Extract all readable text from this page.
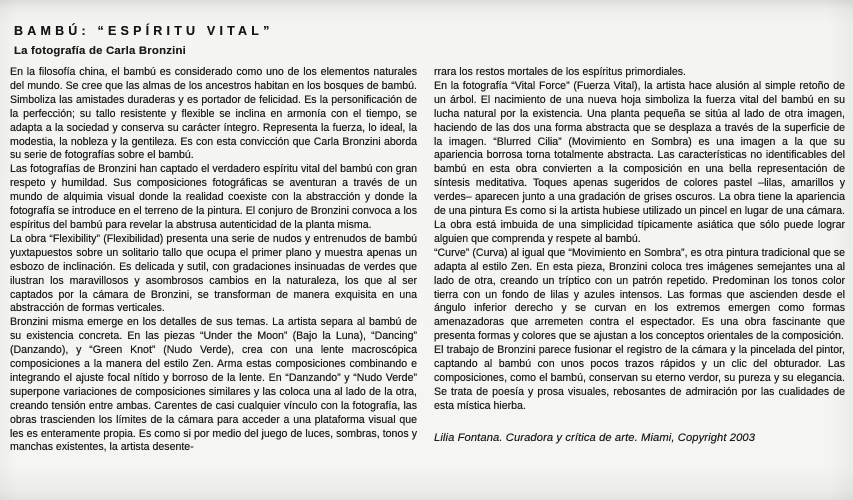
BAMBÚ: “ESPÍRITU VITAL”
La fotografía de Carla Bronzini

En la filosofía china, el bambú es considerado como uno de los elementos naturales del mundo. Se cree que las almas de los ancestros habitan en los bosques de bambú. Simboliza las amistades duraderas y es portador de felicidad. Es la personificación de la perfección; su tallo resistente y flexible se inclina en armonía con el tiempo, se adapta a la sociedad y conserva su carácter íntegro. Representa la fuerza, lo ideal, la modestia, la nobleza y la gentileza. Es con esta convicción que Carla Bronzini aborda su serie de fotografías sobre el bambú.

Las fotografías de Bronzini han captado el verdadero espíritu vital del bambú con gran respeto y humildad. Sus composiciones fotográficas se aventuran a través de un mundo de alquimia visual donde la realidad coexiste con la abstracción y donde la fotografía se introduce en el terreno de la pintura. El conjuro de Bronzini convoca a los espíritus del bambú para revelar la abstrusa autenticidad de la planta misma.

La obra “Flexibility” (Flexibilidad) presenta una serie de nudos y entrenudos de bambú yuxtapuestos sobre un solitario tallo que ocupa el primer plano y muestra apenas un esbozo de inclinación. Es delicada y sutil, con gradaciones insinuadas de verdes que ilustran los maravillosos y asombrosos cambios en la naturaleza, los que al ser captados por la cámara de Bronzini, se transforman de manera exquisita en una abstracción de formas verticales.

Bronzini misma emerge en los detalles de sus temas. La artista separa al bambú de su existencia concreta. En las piezas “Under the Moon” (Bajo la Luna), “Dancing” (Danzando), y “Green Knot” (Nudo Verde), crea con una lente macroscópica composiciones a la manera del estilo Zen. Arma estas composiciones combinando e integrando el ajuste focal nítido y borroso de la lente. En “Danzando” y “Nudo Verde” superpone variaciones de composiciones similares y las coloca una al lado de la otra, creando tensión entre ambas. Carentes de casi cualquier vínculo con la fotografía, las obras trascienden los límites de la cámara para acceder a una plataforma visual que les es enteramente propia. Es como si por medio del juego de luces, sombras, tonos y manchas existentes, la artista desente-

rrara los restos mortales de los espíritus primordiales.

En la fotografía “Vital Force” (Fuerza Vital), la artista hace alusión al simple retoño de un árbol. El nacimiento de una nueva hoja simboliza la fuerza vital del bambú en su lucha natural por la existencia. Una planta pequeña se sitúa al lado de otra imagen, haciendo de las dos una forma abstracta que se desplaza a través de la superficie de la imagen. “Blurred Cilia” (Movimiento en Sombra) es una imagen a la que su apariencia borrosa torna totalmente abstracta. Las características no identificables del bambú en esta obra convierten a la composición en una bella representación de síntesis meditativa. Toques apenas sugeridos de colores pastel –lilas, amarillos y verdes– aparecen junto a una gradación de grises oscuros. La obra tiene la apariencia de una pintura Es como si la artista hubiese utilizado un pincel en lugar de una cámara. La obra está imbuida de una simplicidad típicamente asiática que sólo puede lograr alguien que comprenda y respete al bambú.

“Curve” (Curva) al igual que “Movimiento en Sombra”, es otra pintura tradicional que se adapta al estilo Zen. En esta pieza, Bronzini coloca tres imágenes semejantes una al lado de otra, creando un tríptico con un patrón repetido. Predominan los tonos color tierra con un fondo de lilas y azules intensos. Las formas que ascienden desde el ángulo inferior derecho y se curvan en los extremos emergen como formas amenazadoras que arremeten contra el espectador. Es una obra fascinante que presenta formas y colores que se ajustan a los conceptos orientales de la composición.

El trabajo de Bronzini parece fusionar el registro de la cámara y la pincelada del pintor, captando al bambú con unos pocos trazos rápidos y un clic del obturador. Las composiciones, como el bambú, conservan su eterno verdor, su pureza y su elegancia. Se trata de poesía y prosa visuales, rebosantes de admiración por las cualidades de esta mística hierba.

Lilia Fontana. Curadora y crítica de arte. Miami, Copyright 2003
